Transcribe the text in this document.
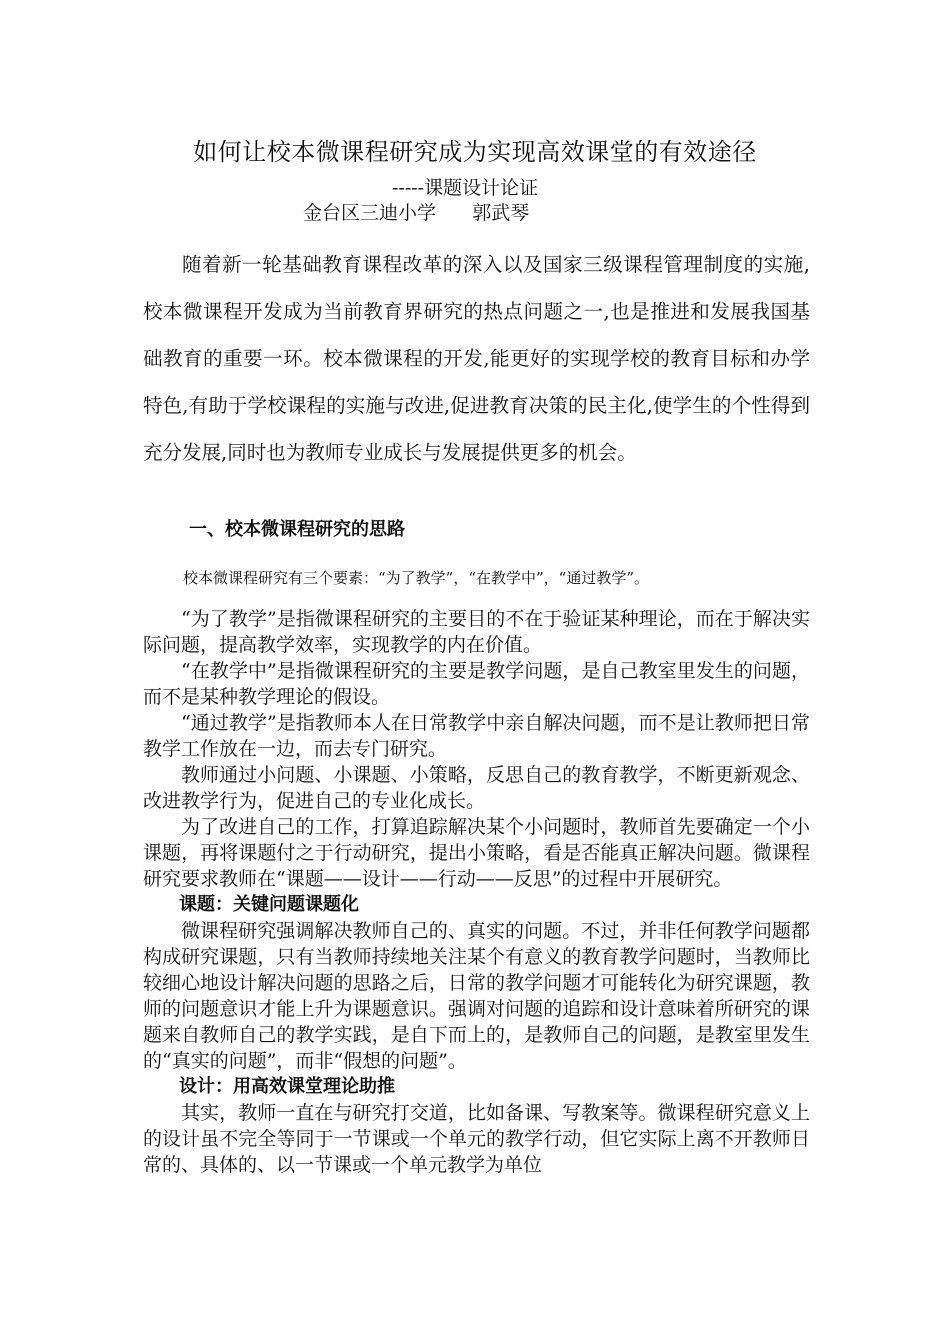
如何让校本微课程研究成为实现高效课堂的有效途径
-----课题设计论证
金台区三迪小学      郭武琴

随着新一轮基础教育课程改革的深入以及国家三级课程管理制度的实施,校本微课程开发成为当前教育界研究的热点问题之一,也是推进和发展我国基础教育的重要一环。校本微课程的开发,能更好的实现学校的教育目标和办学特色,有助于学校课程的实施与改进,促进教育决策的民主化,使学生的个性得到充分发展,同时也为教师专业成长与发展提供更多的机会。

一、校本微课程研究的思路
校本微课程研究有三个要素：“为了教学”，“在教学中”，“通过教学”。

“为了教学”是指微课程研究的主要目的不在于验证某种理论，而在于解决实际问题，提高教学效率，实现教学的内在价值。

“在教学中”是指微课程研究的主要是教学问题，是自己教室里发生的问题，而不是某种教学理论的假设。

“通过教学”是指教师本人在日常教学中亲自解决问题，而不是让教师把日常教学工作放在一边，而去专门研究。

教师通过小问题、小课题、小策略，反思自己的教育教学，不断更新观念、改进教学行为，促进自己的专业化成长。

为了改进自己的工作，打算追踪解决某个小问题时，教师首先要确定一个小课题，再将课题付之于行动研究，提出小策略，看是否能真正解决问题。微课程研究要求教师在“课题——设计——行动——反思”的过程中开展研究。

课题：关键问题课题化

微课程研究强调解决教师自己的、真实的问题。不过，并非任何教学问题都构成研究课题，只有当教师持续地关注某个有意义的教育教学问题时，当教师比较细心地设计解决问题的思路之后，日常的教学问题才可能转化为研究课题，教师的问题意识才能上升为课题意识。强调对问题的追踪和设计意味着所研究的课题来自教师自己的教学实践，是自下而上的，是教师自己的问题，是教室里发生的“真实的问题”，而非“假想的问题”。

设计：用高效课堂理论助推

其实，教师一直在与研究打交道，比如备课、写教案等。微课程研究意义上的设计虽不完全等同于一节课或一个单元的教学行动，但它实际上离不开教师日常的、具体的、以一节课或一个单元教学为单位
